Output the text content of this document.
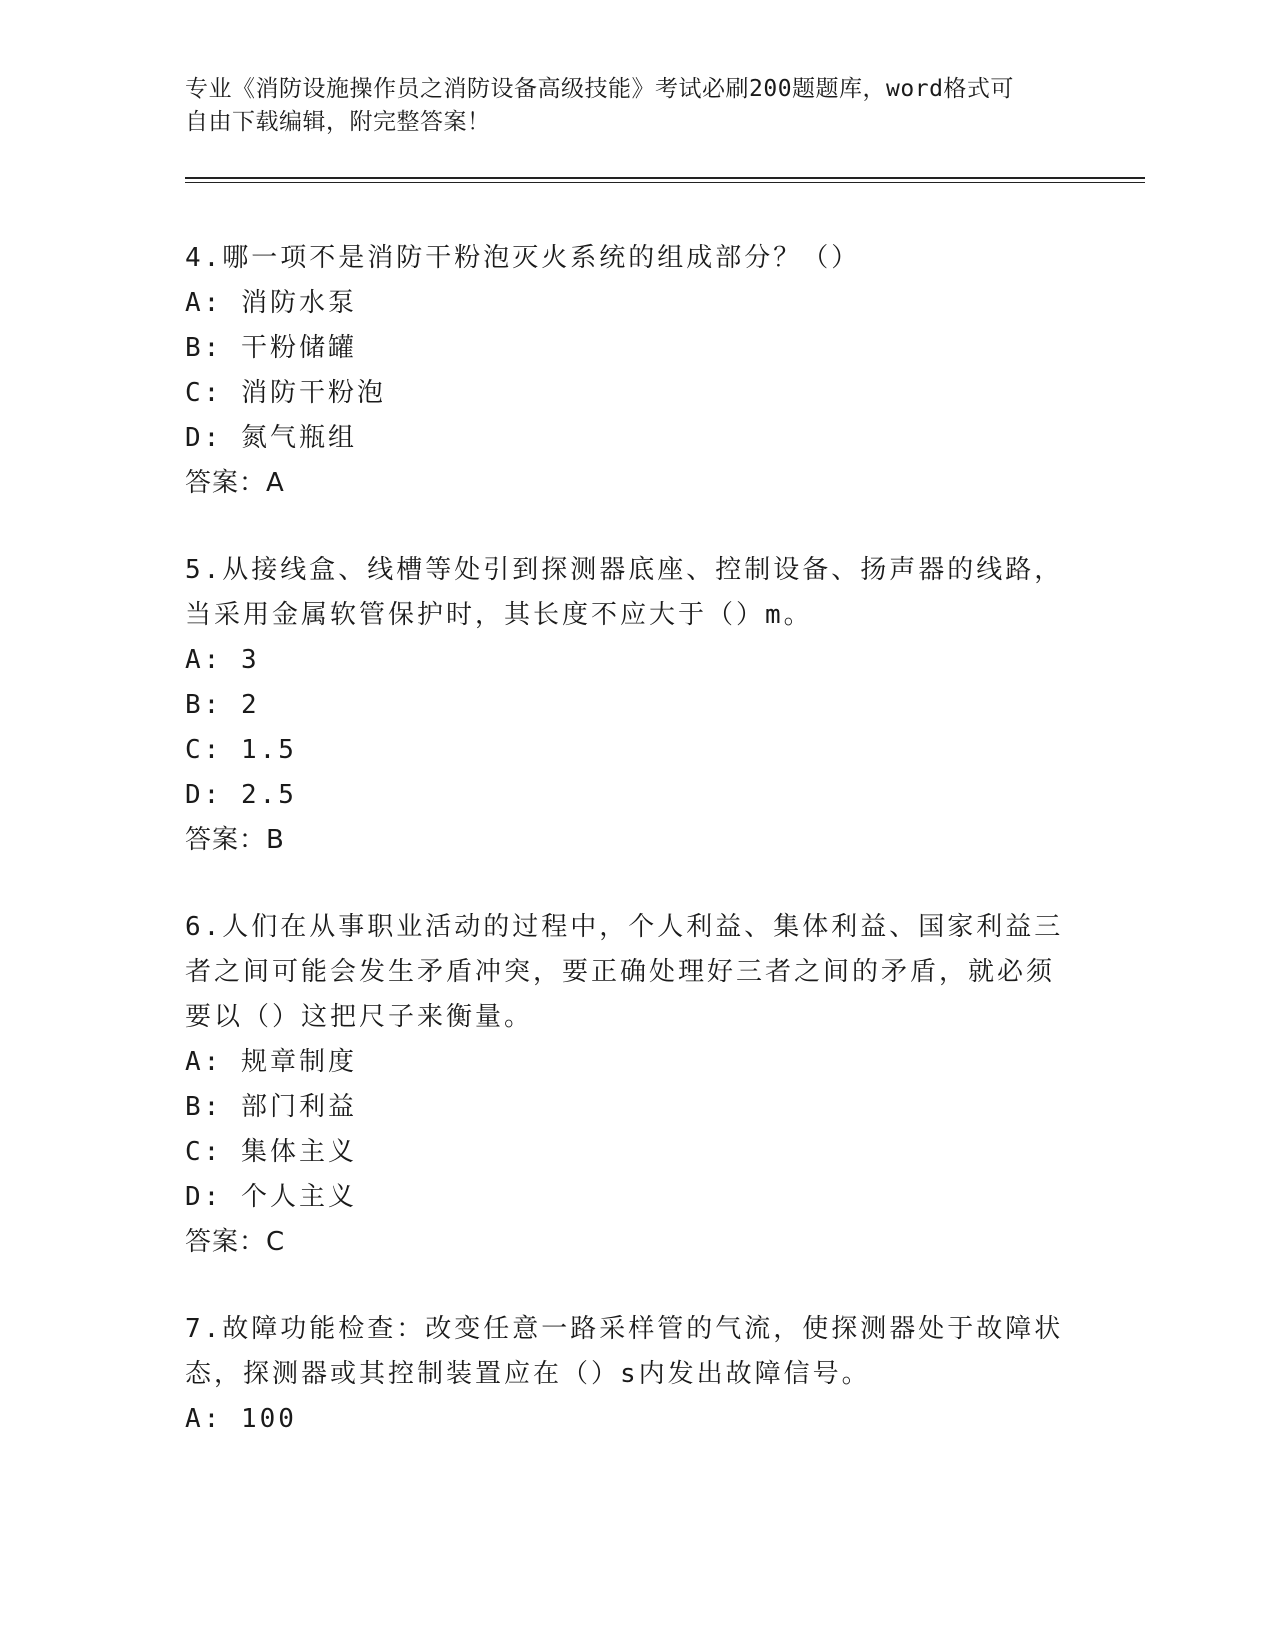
专业《消防设施操作员之消防设备高级技能》考试必刷200题题库，word格式可
自由下载编辑，附完整答案！
4.哪一项不是消防干粉泡灭火系统的组成部分？（）
A: 消防水泵
B: 干粉储罐
C: 消防干粉泡
D: 氮气瓶组
答案：A
5.从接线盒、线槽等处引到探测器底座、控制设备、扬声器的线路，当采用金属软管保护时，其长度不应大于（）m。
A: 3
B: 2
C: 1.5
D: 2.5
答案：B
6.人们在从事职业活动的过程中，个人利益、集体利益、国家利益三者之间可能会发生矛盾冲突，要正确处理好三者之间的矛盾，就必须要以（）这把尺子来衡量。
A: 规章制度
B: 部门利益
C: 集体主义
D: 个人主义
答案：C
7.故障功能检查：改变任意一路采样管的气流，使探测器处于故障状态，探测器或其控制装置应在（）s内发出故障信号。
A: 100
